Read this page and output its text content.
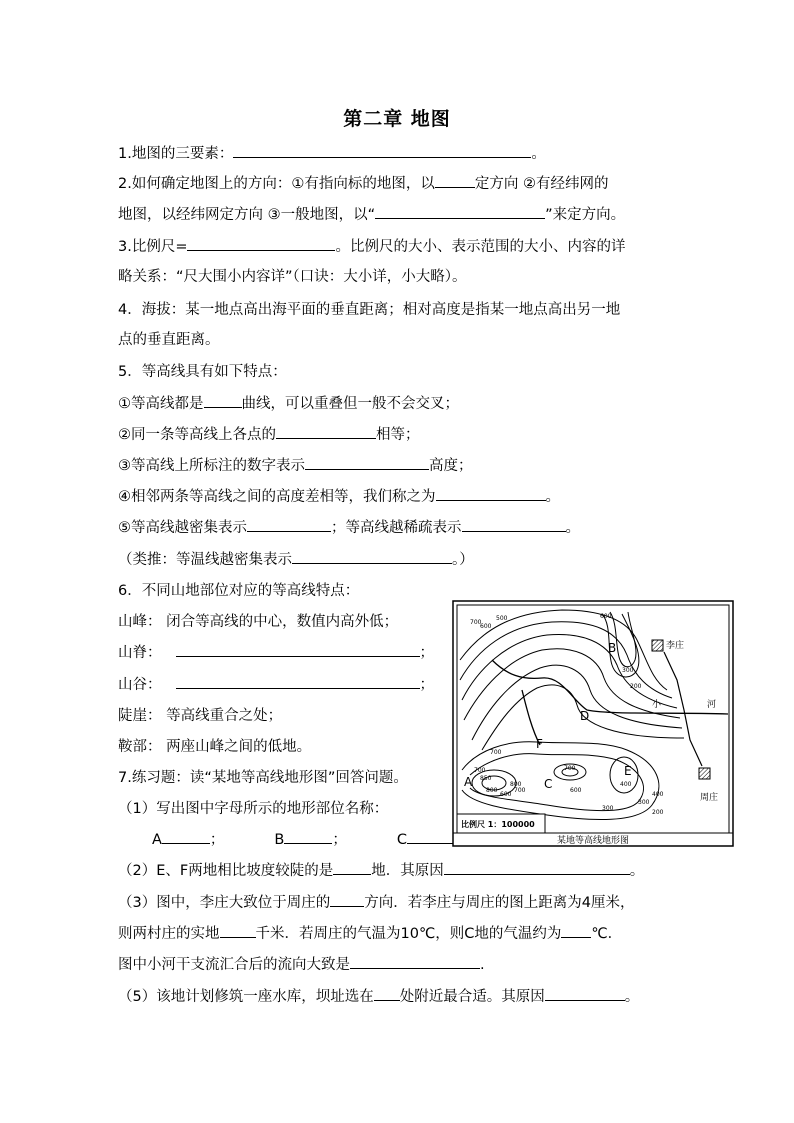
第二章 地图
1.地图的三要素：	。
2.如何确定地图上的方向：①有指向标的地图，以	定方向 ②有经纬网的
地图，以经纬网定方向 ③一般地图，以“	”来定方向。
3.比例尺=	。比例尺的大小、表示范围的大小、内容的详
略关系：“尺大围小内容详”（口诀：大小详，小大略）。
4．海拔：某一地点高出海平面的垂直距离；相对高度是指某一地点高出另一地
点的垂直距离。
5．等高线具有如下特点：
①等高线都是	曲线，可以重叠但一般不会交叉；
②同一条等高线上各点的	相等；
③等高线上所标注的数字表示	高度；
④相邻两条等高线之间的高度差相等，我们称之为	。
⑤等高线越密集表示	；等高线越稀疏表示	。
（类推：等温线越密集表示	。）
6．不同山地部位对应的等高线特点：
山峰： 闭合等高线的中心，数值内高外低；
山脊：	；
山谷：	；
陡崖： 等高线重合之处；
鞍部： 两座山峰之间的低地。
7.练习题：读“某地等高线地形图”回答问题。
（1）写出图中字母所示的地形部位名称：
A	；	B	；	C
（2）E、F两地相比坡度较陡的是	地．其原因	。
（3）图中，李庄大致位于周庄的 方向．若李庄与周庄的图上距离为4厘米，
则两村庄的实地 千米．若周庄的气温为10℃，则C地的气温约为 ℃．
图中小河干支流汇合后的流向大致是	.
（5）该地计划修筑一座水库，坝址选在 处附近最合适。其原因	。
A
B
C
D
E
F
李庄
周庄
小	河
700
600
500	600
300
200
700
850
800
600	400
300
700
600
700
700
800
200
400
300
比例尺 1：100000
某地等高线地形图
